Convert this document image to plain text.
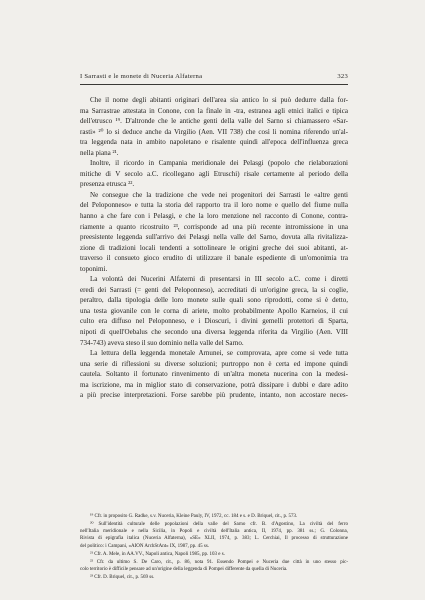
I Sarrasti e le monete di Nuceria Alfaterna	323
Che il nome degli abitanti originari dell'area sia antico lo si può dedurre dalla for-
ma Sarrastrae attestata in Conone, con la finale in -tra, estranea agli etnici italici e tipica
dell'etrusco ¹⁹. D'altronde che le antiche genti della valle del Sarno si chiamassero «Sar-
rasti» ²⁰ lo si deduce anche da Virgilio (Aen. VII 738) che così li nomina riferendo un'al-
tra leggenda nata in ambito napoletano e risalente quindi all'epoca dell'influenza greca
nella piana ²¹.
Inoltre, il ricordo in Campania meridionale dei Pelasgi (popolo che rielaborazioni
mitiche di V secolo a.C. ricollegano agli Etruschi) risale certamente al periodo della
presenza etrusca ²².
Ne consegue che la tradizione che vede nei progenitori dei Sarrasti le «altre genti
del Peloponneso» e tutta la storia del rapporto tra il loro nome e quello del fiume nulla
hanno a che fare con i Pelasgi, e che la loro menzione nel racconto di Conone, contra-
riamente a quanto ricostruito ²³, corrisponde ad una più recente intromissione in una
preesistente leggenda sull'arrivo dei Pelasgi nella valle del Sarno, dovuta alla rivitalizza-
zione di tradizioni locali tendenti a sottolineare le origini greche dei suoi abitanti, at-
traverso il consueto gioco erudito di utilizzare il banale espediente di un'omonimia tra
toponimi.
La volontà dei Nucerini Alfaterni di presentarsi in III secolo a.C. come i diretti
eredi dei Sarrasti (= genti del Peloponneso), accreditati di un'origine greca, la si coglie,
peraltro, dalla tipologia delle loro monete sulle quali sono riprodotti, come si è detto,
una testa giovanile con le corna di ariete, molto probabilmente Apollo Karneios, il cui
culto era diffuso nel Peloponneso, e i Dioscuri, i divini gemelli protettori di Sparta,
nipoti di quell'Oebalus che secondo una diversa leggenda riferita da Virgilio (Aen. VIII
734-743) aveva steso il suo dominio nella valle del Sarno.
La lettura della leggenda monetale Arnunei, se comprovata, apre come si vede tutta
una serie di riflessioni su diverse soluzioni; purtroppo non è certa ed impone quindi
cautela. Soltanto il fortunato rinvenimento di un'altra moneta nucerina con la medesi-
ma iscrizione, ma in miglior stato di conservazione, potrà dissipare i dubbi e dare adito
a più precise interpretazioni. Forse sarebbe più prudente, intanto, non accostare neces-
¹⁹ Cfr. in proposito G. Radke, s.v. Nuceria, Kleine Pauly, IV, 1972, cc. 184 e s. e D. Briquel, cit., p. 573.
²⁰ Sull'identità culturale delle popolazioni della valle del Sarno cfr. B. d'Agostino, La civiltà del ferro
nell'Italia meridionale e nella Sicilia, in Popoli e civiltà dell'Italia antica, II, 1974, pp. 381 ss.; G. Colonna,
Rivista di epigrafia italica (Nuceria Alfaterna), «SE» XLII, 1974, p. 383; L. Cerchiai, Il processo di strutturazione
del politico: i Campani, «AION ArchStAnt» IX, 1987, pp. 45 ss.
²¹ Cfr. A. Mele, in AA.VV., Napoli antica, Napoli 1985, pp. 103 e s.
²² Cfr. da ultimo S. De Caro, cit., p. 86, nota 91. Essendo Pompei e Nuceria due città in uno stesso pic-
colo territorio è difficile pensare ad un'origine della leggenda di Pompei differente da quella di Nuceria.
²³ Cfr. D. Briquel, cit., p. 569 ss.
